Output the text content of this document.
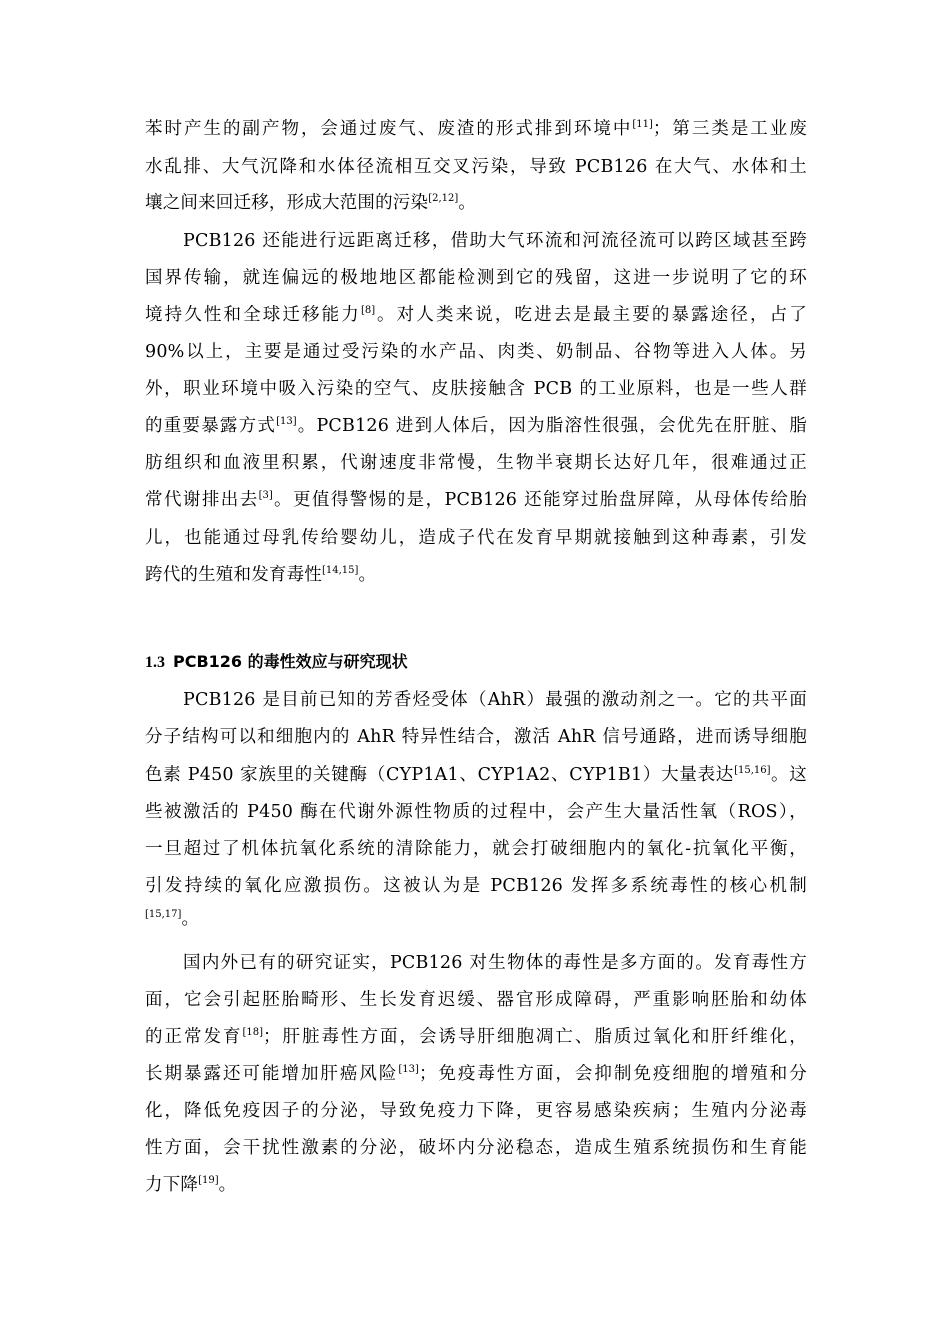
苯时产生的副产物，会通过废气、废渣的形式排到环境中[11]；第三类是工业废
水乱排、大气沉降和水体径流相互交叉污染，导致 PCB126 在大气、水体和土
壤之间来回迁移，形成大范围的污染[2,12]。
PCB126 还能进行远距离迁移，借助大气环流和河流径流可以跨区域甚至跨
国界传输，就连偏远的极地地区都能检测到它的残留，这进一步说明了它的环
境持久性和全球迁移能力[8]。对人类来说，吃进去是最主要的暴露途径，占了
90%以上，主要是通过受污染的水产品、肉类、奶制品、谷物等进入人体。另
外，职业环境中吸入污染的空气、皮肤接触含 PCB 的工业原料，也是一些人群
的重要暴露方式[13]。PCB126 进到人体后，因为脂溶性很强，会优先在肝脏、脂
肪组织和血液里积累，代谢速度非常慢，生物半衰期长达好几年，很难通过正
常代谢排出去[3]。更值得警惕的是，PCB126 还能穿过胎盘屏障，从母体传给胎
儿，也能通过母乳传给婴幼儿，造成子代在发育早期就接触到这种毒素，引发
跨代的生殖和发育毒性[14,15]。
1.3 PCB126 的毒性效应与研究现状
PCB126 是目前已知的芳香烃受体（AhR）最强的激动剂之一。它的共平面
分子结构可以和细胞内的 AhR 特异性结合，激活 AhR 信号通路，进而诱导细胞
色素 P450 家族里的关键酶（CYP1A1、CYP1A2、CYP1B1）大量表达[15,16]。这
些被激活的 P450 酶在代谢外源性物质的过程中，会产生大量活性氧（ROS），
一旦超过了机体抗氧化系统的清除能力，就会打破细胞内的氧化-抗氧化平衡，
引发持续的氧化应激损伤。这被认为是 PCB126 发挥多系统毒性的核心机制
[15,17]。
国内外已有的研究证实，PCB126 对生物体的毒性是多方面的。发育毒性方
面，它会引起胚胎畸形、生长发育迟缓、器官形成障碍，严重影响胚胎和幼体
的正常发育[18]；肝脏毒性方面，会诱导肝细胞凋亡、脂质过氧化和肝纤维化，
长期暴露还可能增加肝癌风险[13]；免疫毒性方面，会抑制免疫细胞的增殖和分
化，降低免疫因子的分泌，导致免疫力下降，更容易感染疾病；生殖内分泌毒
性方面，会干扰性激素的分泌，破坏内分泌稳态，造成生殖系统损伤和生育能
力下降[19]。
